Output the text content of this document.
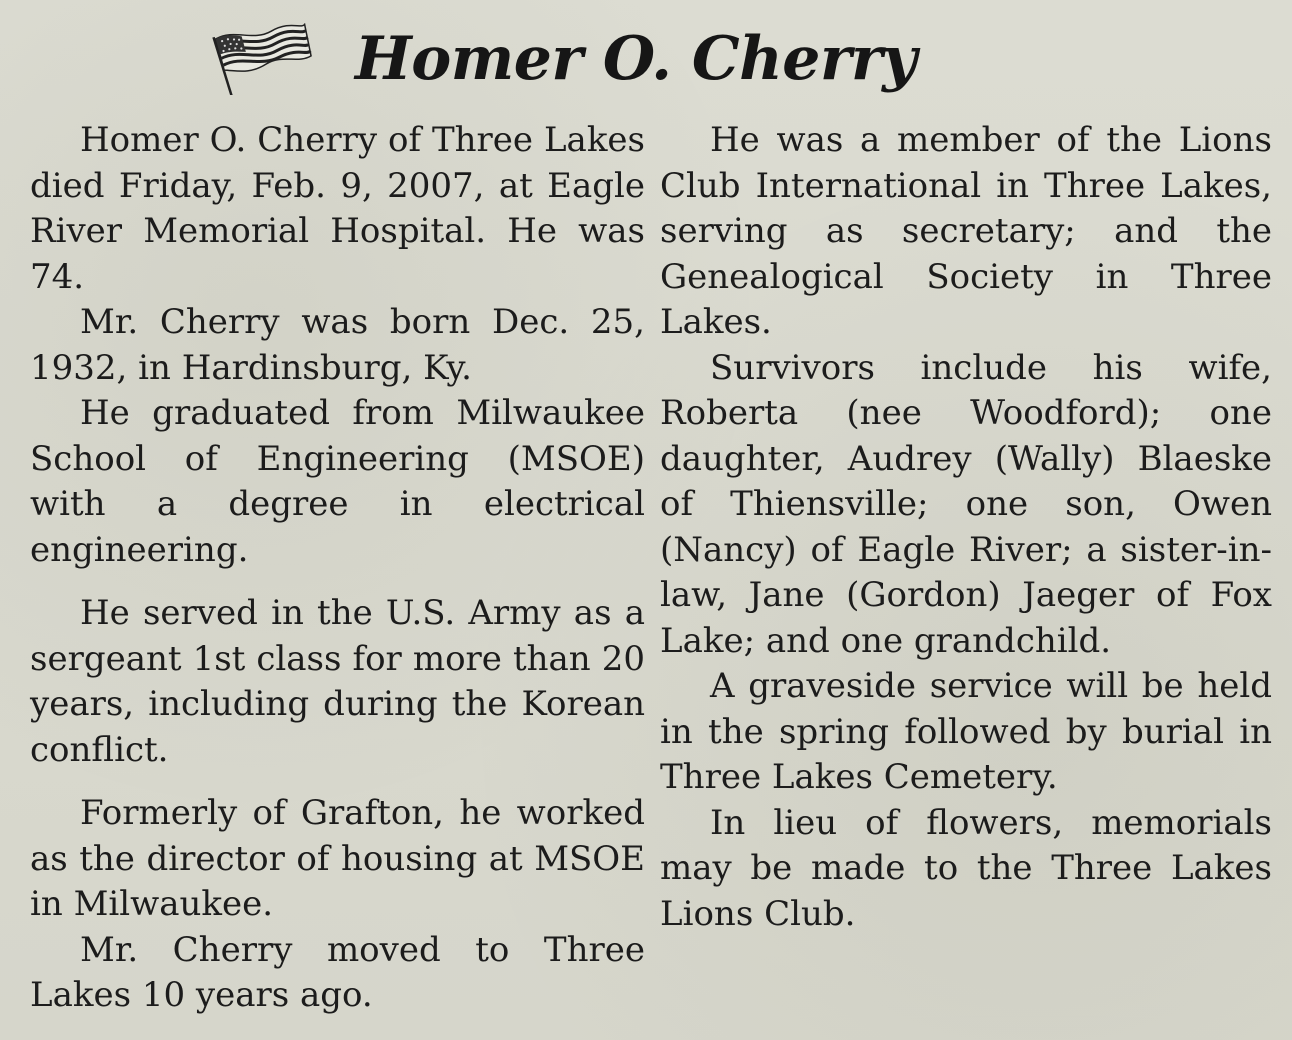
Homer O. Cherry

Homer O. Cherry of Three Lakes died Friday, Feb. 9, 2007, at Eagle River Memorial Hospital. He was 74.

Mr. Cherry was born Dec. 25, 1932, in Hardinsburg, Ky.

He graduated from Milwaukee School of Engineering (MSOE) with a degree in electrical engineering.

He served in the U.S. Army as a sergeant 1st class for more than 20 years, including during the Korean conflict.

Formerly of Grafton, he worked as the director of housing at MSOE in Milwaukee.

Mr. Cherry moved to Three Lakes 10 years ago.

He was a member of the Lions Club International in Three Lakes, serving as secretary; and the Genealogical Society in Three Lakes.

Survivors include his wife, Roberta (nee Woodford); one daughter, Audrey (Wally) Blaeske of Thiensville; one son, Owen (Nancy) of Eagle River; a sister-in-law, Jane (Gordon) Jaeger of Fox Lake; and one grandchild.

A graveside service will be held in the spring followed by burial in Three Lakes Cemetery.

In lieu of flowers, memorials may be made to the Three Lakes Lions Club.
